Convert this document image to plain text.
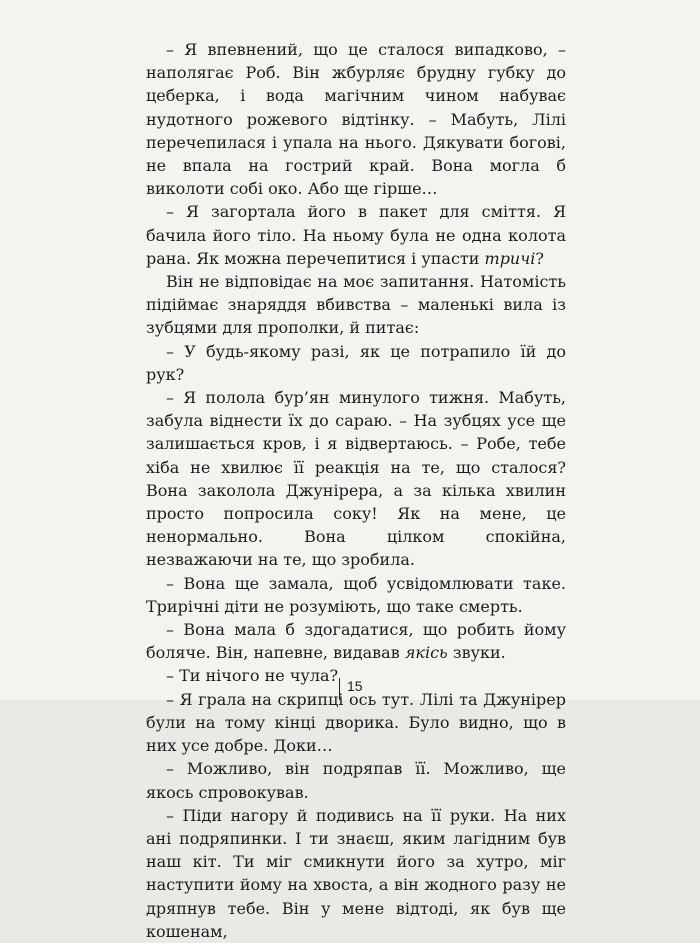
– Я впевнений, що це сталося випадково, – наполягає Роб. Він жбурляє брудну губку до цеберка, і вода магічним чином набуває нудотного рожевого відтінку. – Мабуть, Лілі перечепилася і упала на нього. Дякувати богові, не впала на гострий край. Вона могла б виколоти собі око. Або ще гірше…

– Я загортала його в пакет для сміття. Я бачила його тіло. На ньому була не одна колота рана. Як можна перечепитися і упасти тричі?

Він не відповідає на моє запитання. Натомість підіймає знаряддя вбивства – маленькі вила із зубцями для прополки, й питає:

– У будь-якому разі, як це потрапило їй до рук?

– Я полола бур’ян минулого тижня. Мабуть, забула віднести їх до сараю. – На зубцях усе ще залишається кров, і я відвертаюсь. – Робе, тебе хіба не хвилює її реакція на те, що сталося? Вона заколола Джунipера, а за кілька хвилин просто попросила соку! Як на мене, це ненормально. Вона цілком спокійна, незважаючи на те, що зробила.

– Вона ще замала, щоб усвідомлювати таке. Трирічні діти не розуміють, що таке смерть.

– Вона мала б здогадатися, що робить йому боляче. Він, напевне, видавав якісь звуки.

– Ти нічого не чула?

– Я грала на скрипці ось тут. Лілі та Джунipер були на тому кінці дворика. Було видно, що в них усе добре. Доки…

– Можливо, він подряпав її. Можливо, ще якось спровокував.

– Піди нагору й подивись на її руки. На них ані подряпинки. І ти знаєш, яким лагідним був наш кіт. Ти міг смикнути його за хутро, міг наступити йому на хвоста, а він жодного разу не дряпнув тебе. Він у мене відтоді, як був ще кошенам,

15
